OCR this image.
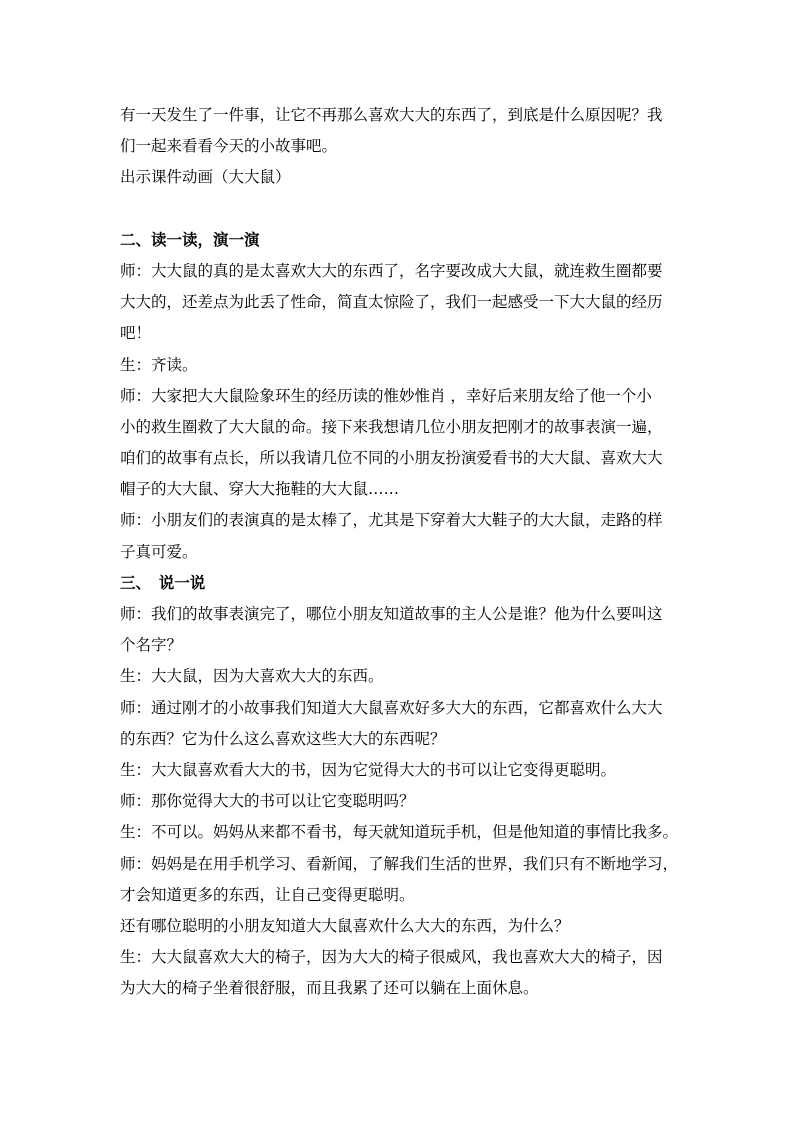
有一天发生了一件事，让它不再那么喜欢大大的东西了，到底是什么原因呢？我
们一起来看看今天的小故事吧。
出示课件动画（大大鼠）
二、读一读，演一演
师：大大鼠的真的是太喜欢大大的东西了，名字要改成大大鼠，就连救生圈都要
大大的，还差点为此丢了性命，简直太惊险了，我们一起感受一下大大鼠的经历
吧！
生：齐读。
师：大家把大大鼠险象环生的经历读的惟妙惟肖 ，幸好后来朋友给了他一个小
小的救生圈救了大大鼠的命。接下来我想请几位小朋友把刚才的故事表演一遍，
咱们的故事有点长，所以我请几位不同的小朋友扮演爱看书的大大鼠、喜欢大大
帽子的大大鼠、穿大大拖鞋的大大鼠……
师：小朋友们的表演真的是太棒了，尤其是下穿着大大鞋子的大大鼠，走路的样
子真可爱。
三、　说一说
师：我们的故事表演完了，哪位小朋友知道故事的主人公是谁？他为什么要叫这
个名字？
生：大大鼠，因为大喜欢大大的东西。
师：通过刚才的小故事我们知道大大鼠喜欢好多大大的东西，它都喜欢什么大大
的东西？它为什么这么喜欢这些大大的东西呢？
生：大大鼠喜欢看大大的书，因为它觉得大大的书可以让它变得更聪明。
师：那你觉得大大的书可以让它变聪明吗？
生：不可以。妈妈从来都不看书，每天就知道玩手机，但是他知道的事情比我多。
师：妈妈是在用手机学习、看新闻，了解我们生活的世界，我们只有不断地学习，
才会知道更多的东西，让自己变得更聪明。
还有哪位聪明的小朋友知道大大鼠喜欢什么大大的东西，为什么？
生：大大鼠喜欢大大的椅子，因为大大的椅子很威风，我也喜欢大大的椅子，因
为大大的椅子坐着很舒服，而且我累了还可以躺在上面休息。
